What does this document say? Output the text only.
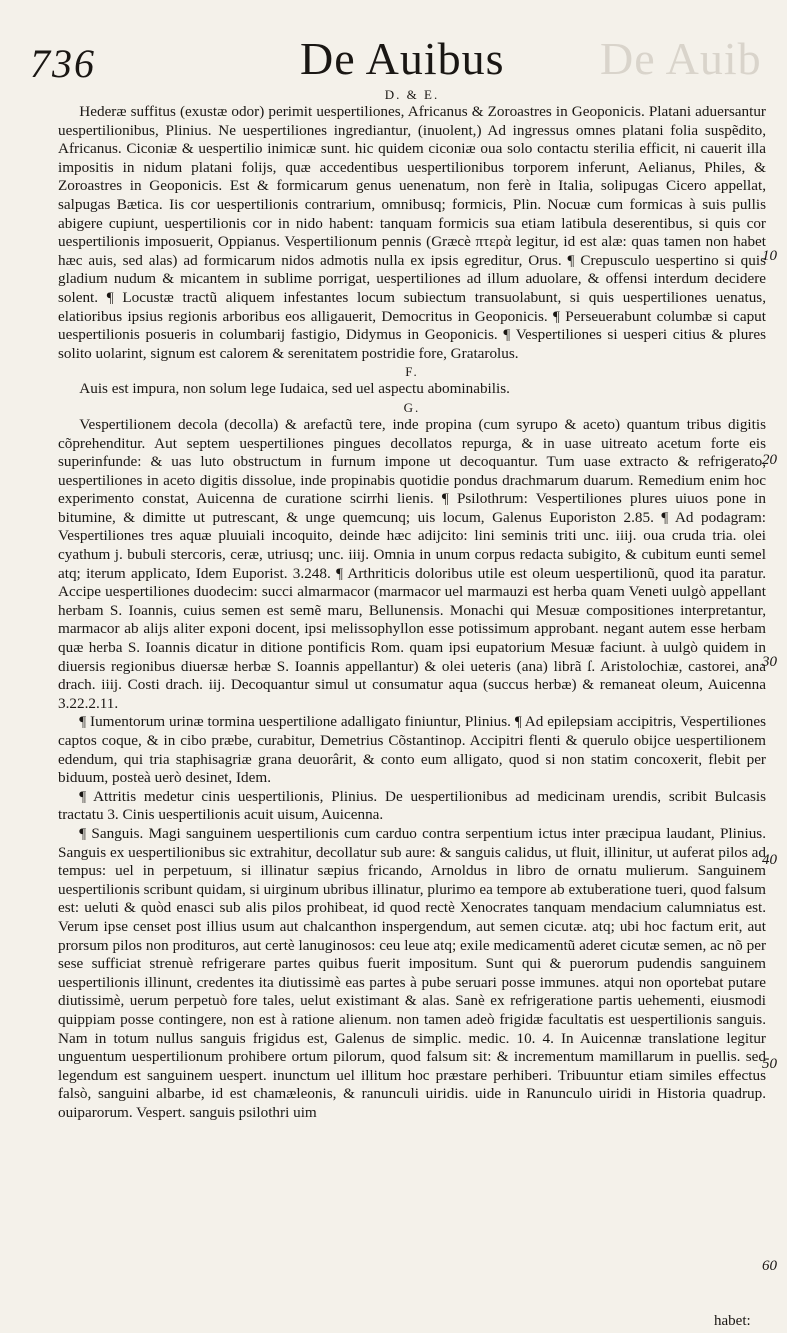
736	De Auibus De Auib

D. & E.

Hederæ suffitus (exustæ odor) perimit uespertiliones, Africanus & Zoroastres in Geoponicis. Platani aduersantur uespertilionibus, Plinius. Ne uespertiliones ingrediantur, (inuolent,) Ad ingressus omnes platani folia suspẽdito, Africanus. Ciconiæ & uespertilio inimicæ sunt. hic quidem ciconiæ oua solo contactu sterilia efficit, ni cauerit illa impositis in nidum platani folijs, quæ accedentibus uespertilionibus torporem inferunt, Aelianus, Philes, & Zoroastres in Geoponicis. Est & formicarum genus uenenatum, non ferè in Italia, solipugas Cicero appellat, salpugas Bætica. Iis cor uespertilionis contrarium, omnibusq; formicis, Plin. Nocuæ cum formicas à suis pullis abigere cupiunt, uespertilionis cor in nido habent: tanquam formicis sua etiam latibula deserentibus, si quis cor uespertilionis imposuerit, Oppianus. Vespertilionum pennis (Græcè πτερὰ legitur, id est alæ: quas tamen non habet hæc auis, sed alas) ad formicarum nidos admotis nulla ex ipsis egreditur, Orus. ¶ Crepusculo uespertino si quis gladium nudum & micantem in sublime porrigat, uespertiliones ad illum aduolare, & offensi interdum decidere solent. ¶ Locustæ tractũ aliquem infestantes locum subiectum transuolabunt, si quis uespertiliones uenatus, elatioribus ipsius regionis arboribus eos alligauerit, Democritus in Geoponicis. ¶ Perseuerabunt columbæ si caput uespertilionis posueris in columbarij fastigio, Didymus in Geoponicis. ¶ Vespertiliones si uesperi citius & plures solito uolarint, signum est calorem & serenitatem postridie fore, Gratarolus.

F.

Auis est impura, non solum lege Iudaica, sed uel aspectu abominabilis.

G.

Vespertilionem decola (decolla) & arefactũ tere, inde propina (cum syrupo & aceto) quantum tribus digitis cõprehenditur. Aut septem uespertiliones pingues decollatos repurga, & in uase uitreato acetum forte eis superinfunde: & uas luto obstructum in furnum impone ut decoquantur. Tum uase extracto & refrigerato, uespertiliones in aceto digitis dissolue, inde propinabis quotidie pondus drachmarum duarum. Remedium enim hoc experimento constat, Auicenna de curatione scirrhi lienis. ¶ Psilothrum: Vespertiliones plures uiuos pone in bitumine, & dimitte ut putrescant, & unge quemcunq; uis locum, Galenus Euporiston 2.85. ¶ Ad podagram: Vespertiliones tres aquæ pluuiali incoquito, deinde hæc adijcito: lini seminis triti unc. iiij. oua cruda tria. olei cyathum j. bubuli stercoris, ceræ, utriusq; unc. iiij. Omnia in unum corpus redacta subigito, & cubitum eunti semel atq; iterum applicato, Idem Euporist. 3.248. ¶ Arthriticis doloribus utile est oleum uespertilionũ, quod ita paratur. Accipe uespertiliones duodecim: succi almarmacor (marmacor uel marmauzi est herba quam Veneti uulgò appellant herbam S. Ioannis, cuius semen est semẽ maru, Bellunensis. Monachi qui Mesuæ compositiones interpretantur, marmacor ab alijs aliter exponi docent, ipsi melissophyllon esse potissimum approbant. negant autem esse herbam quæ herba S. Ioannis dicatur in ditione pontificis Rom. quam ipsi eupatorium Mesuæ faciunt. à uulgò quidem in diuersis regionibus diuersæ herbæ S. Ioannis appellantur) & olei ueteris (ana) librã ſ. Aristolochiæ, castorei, ana drach. iiij. Costi drach. iij. Decoquantur simul ut consumatur aqua (succus herbæ) & remaneat oleum, Auicenna 3.22.2.11.

¶ Iumentorum urinæ tormina uespertilione adalligato finiuntur, Plinius. ¶ Ad epilepsiam accipitris, Vespertiliones captos coque, & in cibo præbe, curabitur, Demetrius Cõstantinop. Accipitri flenti & querulo obijce uespertilionem edendum, qui tria staphisagriæ grana deuorârit, & conto eum alligato, quod si non statim concoxerit, flebit per biduum, posteà uerò desinet, Idem.

¶ Attritis medetur cinis uespertilionis, Plinius. De uespertilionibus ad medicinam urendis, scribit Bulcasis tractatu 3. Cinis uespertilionis acuit uisum, Auicenna.

¶ Sanguis. Magi sanguinem uespertilionis cum carduo contra serpentium ictus inter præcipua laudant, Plinius. Sanguis ex uespertilionibus sic extrahitur, decollatur sub aure: & sanguis calidus, ut fluit, illinitur, ut auferat pilos ad tempus: uel in perpetuum, si illinatur sæpius fricando, Arnoldus in libro de ornatu mulierum. Sanguinem uespertilionis scribunt quidam, si uirginum ubribus illinatur, plurimo ea tempore ab extuberatione tueri, quod falsum est: ueluti & quòd enasci sub alis pilos prohibeat, id quod rectè Xenocrates tanquam mendacium calumniatus est. Verum ipse censet post illius usum aut chalcanthon inspergendum, aut semen cicutæ. atq; ubi hoc factum erit, aut prorsum pilos non prodituros, aut certè lanuginosos: ceu leue atq; exile medicamentũ aderet cicutæ semen, ac nõ per sese sufficiat strenuè refrigerare partes quibus fuerit impositum. Sunt qui & puerorum pudendis sanguinem uespertilionis illinunt, credentes ita diutissimè eas partes à pube seruari posse immunes. atqui non oportebat putare diutissimè, uerum perpetuò fore tales, uelut existimant & alas. Sanè ex refrigeratione partis uehementi, eiusmodi quippiam posse contingere, non est à ratione alienum. non tamen adeò frigidæ facultatis est uespertilionis sanguis. Nam in totum nullus sanguis frigidus est, Galenus de simplic. medic. 10. 4. In Auicennæ translatione legitur unguentum uespertilionum prohibere ortum pilorum, quod falsum sit: & incrementum mamillarum in puellis. sed legendum est sanguinem uespert. inunctum uel illitum hoc præstare perhiberi. Tribuuntur etiam similes effectus falsò, sanguini albarbe, id est chamæleonis, & ranunculi uiridis. uide in Ranunculo uiridi in Historia quadrup. ouiparorum. Vespert. sanguis psilothri uim

10
20
30
40
50
60
habet:
